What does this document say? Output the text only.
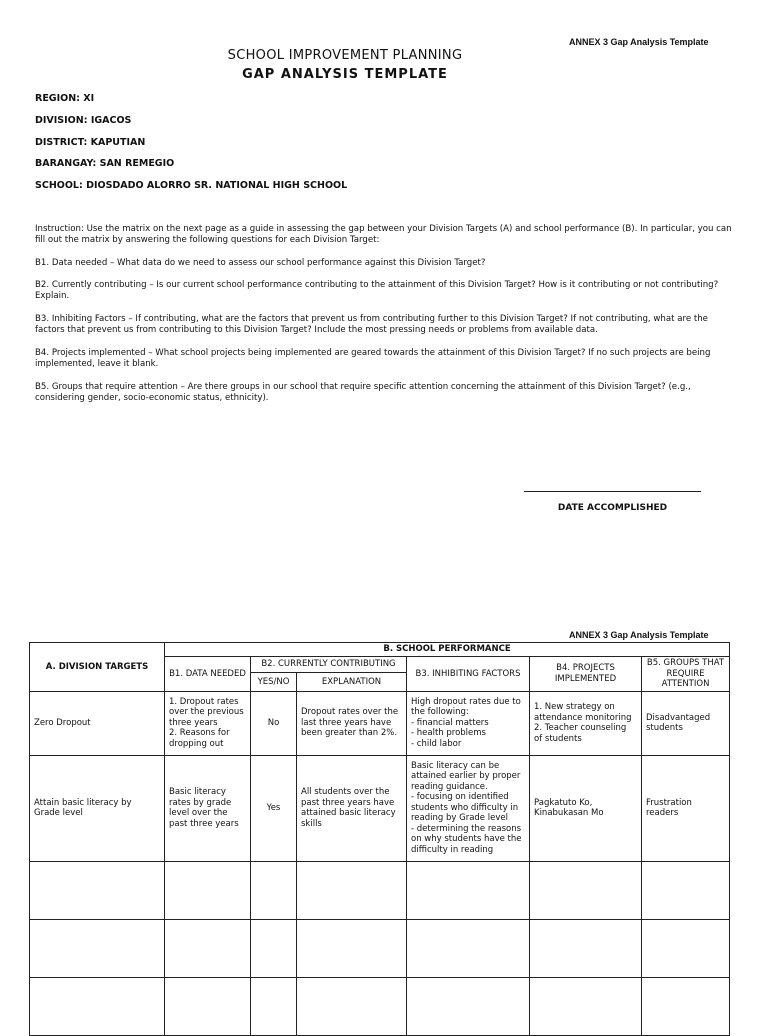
ANNEX 3 Gap Analysis Template
SCHOOL IMPROVEMENT PLANNING
GAP ANALYSIS TEMPLATE
REGION: XI
DIVISION: IGACOS
DISTRICT: KAPUTIAN
BARANGAY: SAN REMEGIO
SCHOOL: DIOSDADO ALORRO SR. NATIONAL HIGH SCHOOL
Instruction: Use the matrix on the next page as a guide in assessing the gap between your Division Targets (A) and school performance (B). In particular, you can fill out the matrix by answering the following questions for each Division Target:
B1. Data needed – What data do we need to assess our school performance against this Division Target?
B2. Currently contributing – Is our current school performance contributing to the attainment of this Division Target? How is it contributing or not contributing? Explain.
B3. Inhibiting Factors – If contributing, what are the factors that prevent us from contributing further to this Division Target? If not contributing, what are the factors that prevent us from contributing to this Division Target? Include the most pressing needs or problems from available data.
B4. Projects implemented – What school projects being implemented are geared towards the attainment of this Division Target? If no such projects are being implemented, leave it blank.
B5. Groups that require attention – Are there groups in our school that require specific attention concerning the attainment of this Division Target? (e.g., considering gender, socio-economic status, ethnicity).
DATE ACCOMPLISHED
ANNEX 3 Gap Analysis Template
A. DIVISION TARGETS	B. SCHOOL PERFORMANCE					
	B1. DATA NEEDED	B2. CURRENTLY CONTRIBUTING		B3. INHIBITING FACTORS	B4. PROJECTS IMPLEMENTED	B5. GROUPS THAT REQUIRE ATTENTION
		YES/NO	EXPLANATION			
Zero Dropout	1. Dropout rates over the previous three years
2. Reasons for dropping out	No	Dropout rates over the last three years have been greater than 2%.	High dropout rates due to the following:
- financial matters
- health problems
- child labor	1. New strategy on attendance monitoring
2. Teacher counseling of students	Disadvantaged students
Attain basic literacy by Grade level	Basic literacy rates by grade level over the past three years	Yes	All students over the past three years have attained basic literacy skills	Basic literacy can be attained earlier by proper reading guidance.
- focusing on identified students who difficulty in reading by Grade level
- determining the reasons on why students have the difficulty in reading	Pagkatuto Ko, Kinabukasan Mo	Frustration readers
